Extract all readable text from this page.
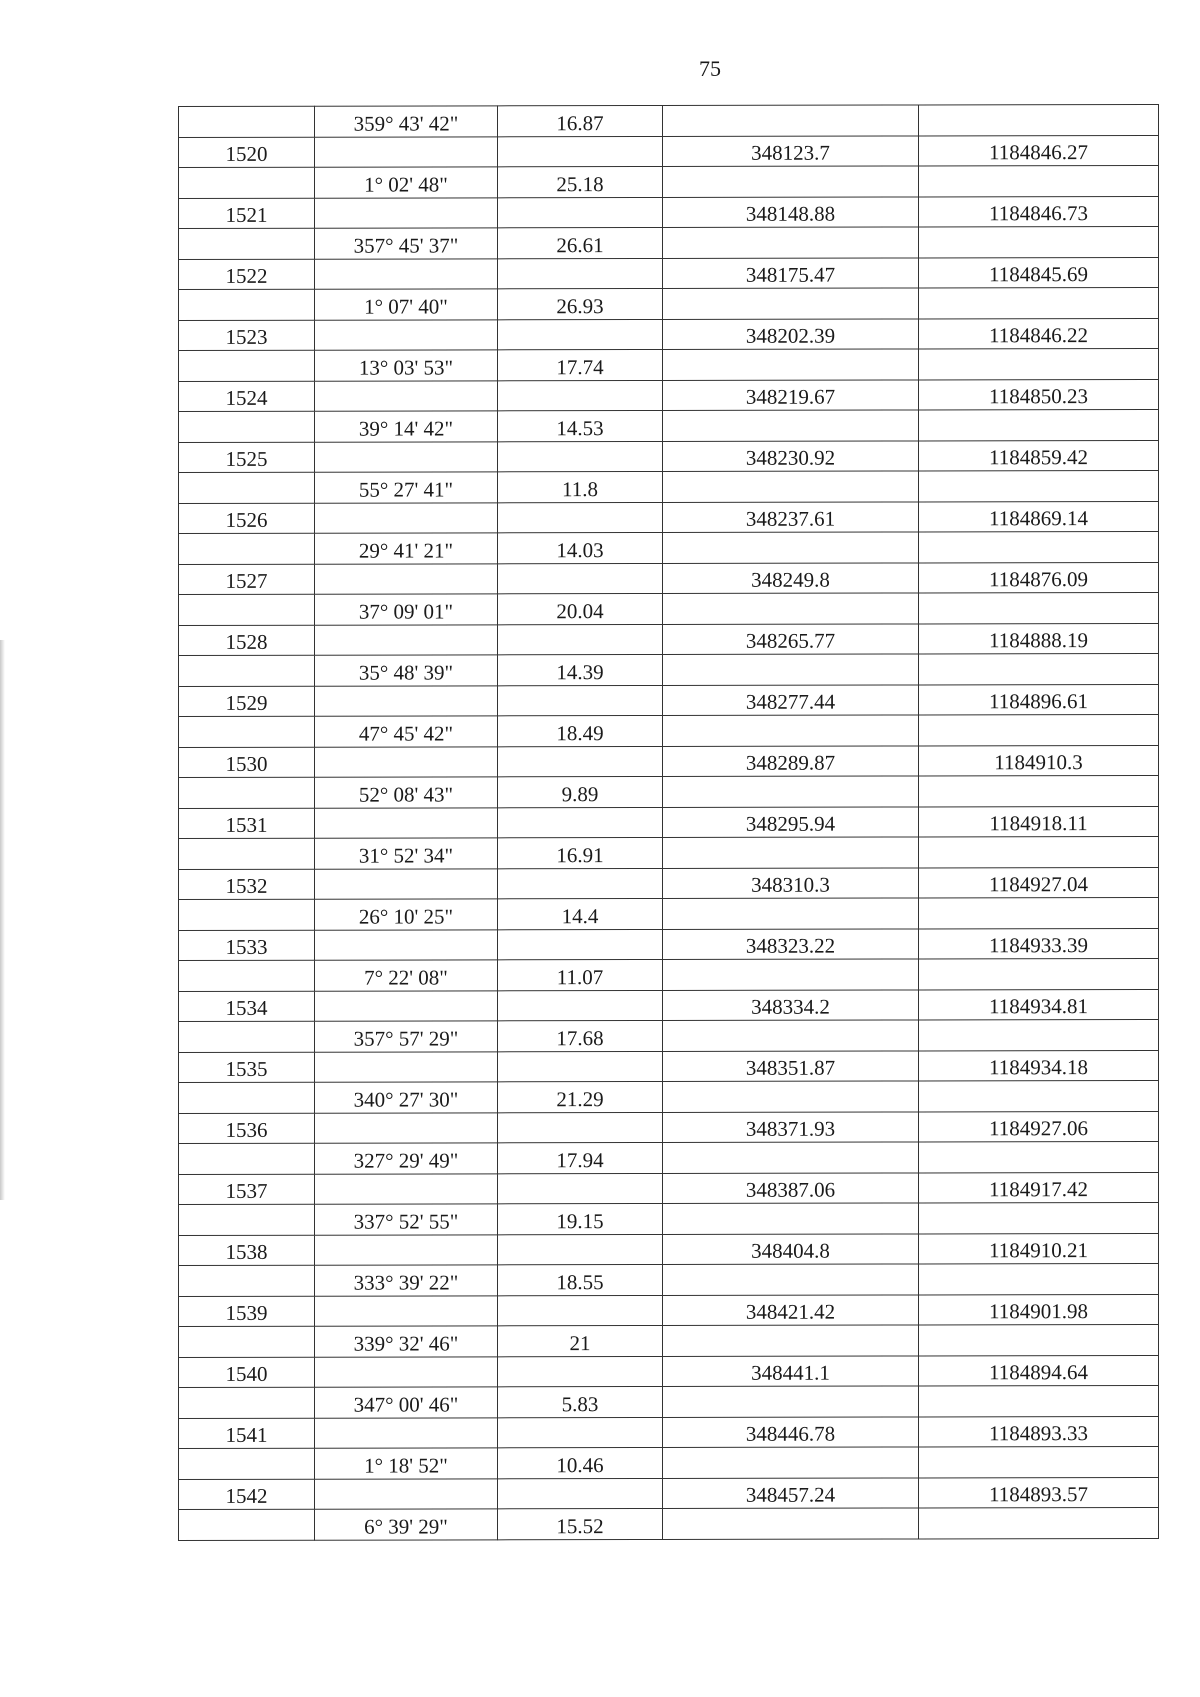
75
	359° 43' 42"	16.87		
1520			348123.7	1184846.27
	1° 02' 48"	25.18		
1521			348148.88	1184846.73
	357° 45' 37"	26.61		
1522			348175.47	1184845.69
	1° 07' 40"	26.93		
1523			348202.39	1184846.22
	13° 03' 53"	17.74		
1524			348219.67	1184850.23
	39° 14' 42"	14.53		
1525			348230.92	1184859.42
	55° 27' 41"	11.8		
1526			348237.61	1184869.14
	29° 41' 21"	14.03		
1527			348249.8	1184876.09
	37° 09' 01"	20.04		
1528			348265.77	1184888.19
	35° 48' 39"	14.39		
1529			348277.44	1184896.61
	47° 45' 42"	18.49		
1530			348289.87	1184910.3
	52° 08' 43"	9.89		
1531			348295.94	1184918.11
	31° 52' 34"	16.91		
1532			348310.3	1184927.04
	26° 10' 25"	14.4		
1533			348323.22	1184933.39
	7° 22' 08"	11.07		
1534			348334.2	1184934.81
	357° 57' 29"	17.68		
1535			348351.87	1184934.18
	340° 27' 30"	21.29		
1536			348371.93	1184927.06
	327° 29' 49"	17.94		
1537			348387.06	1184917.42
	337° 52' 55"	19.15		
1538			348404.8	1184910.21
	333° 39' 22"	18.55		
1539			348421.42	1184901.98
	339° 32' 46"	21		
1540			348441.1	1184894.64
	347° 00' 46"	5.83		
1541			348446.78	1184893.33
	1° 18' 52"	10.46		
1542			348457.24	1184893.57
	6° 39' 29"	15.52		
